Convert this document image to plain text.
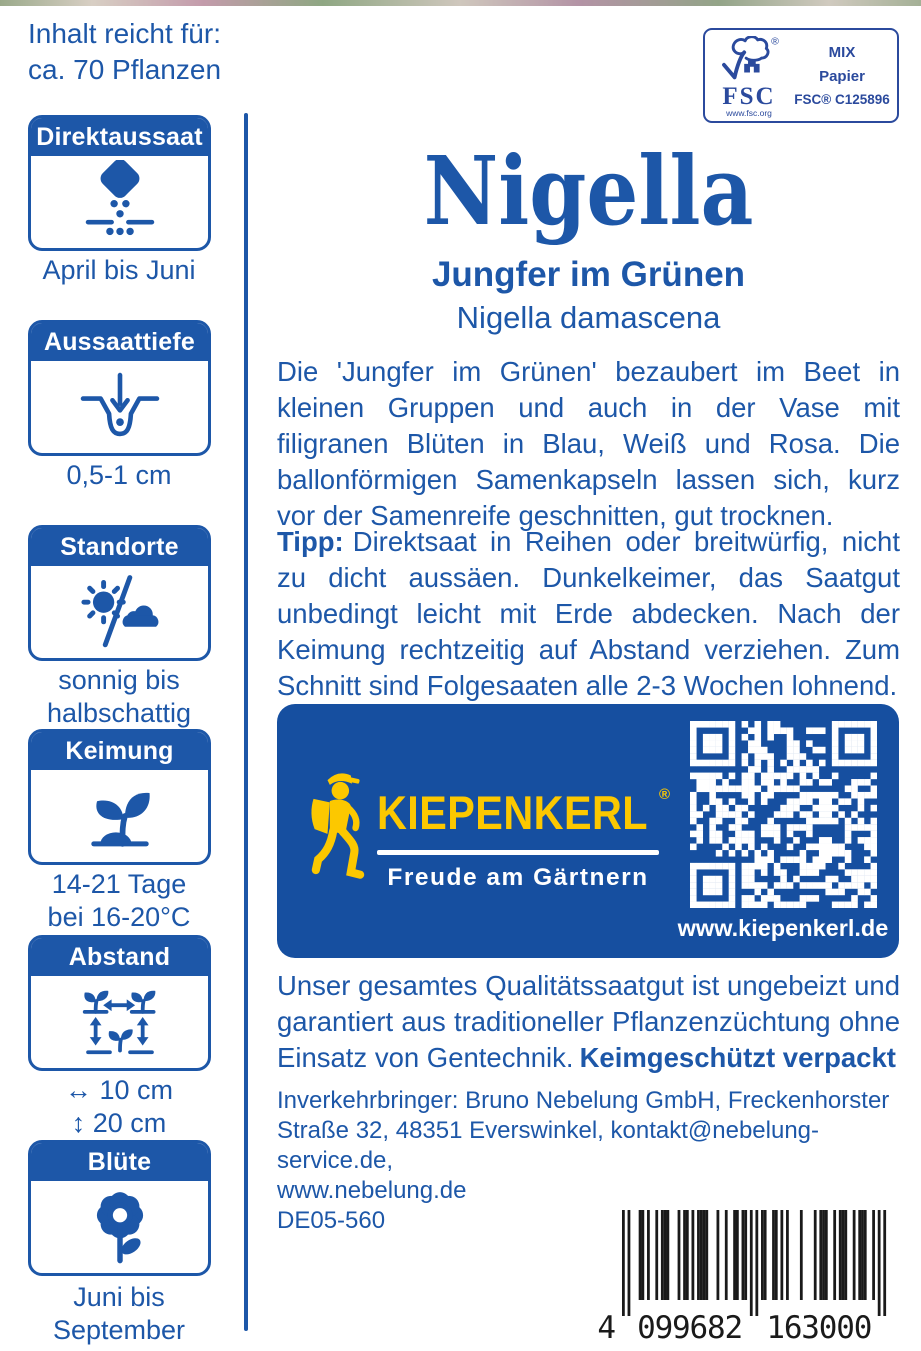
Inhalt reicht für:
ca. 70 Pflanzen
Direktaussaat
April bis Juni
Aussaattiefe
0,5-1 cm
Standorte
sonnig bis
halbschattig
Keimung
14-21 Tage
bei 16-20°C
Abstand
↔ 10 cm
↕ 20 cm
Blüte
Juni bis
September
®
FSC
www.fsc.org
MIX
Papier
FSC® C125896
Nigella
Jungfer im Grünen
Nigella damascena

Die 'Jungfer im Grünen' bezaubert im Beet in kleinen Gruppen und auch in der Vase mit filigranen Blüten in Blau, Weiß und Rosa. Die ballonförmigen Samenkapseln lassen sich, kurz vor der Samenreife geschnitten, gut trocknen.

Tipp: Direktsaat in Reihen oder breitwürfig, nicht zu dicht aussäen. Dunkelkeimer, das Saatgut unbedingt leicht mit Erde abdecken. Nach der Keimung rechtzeitig auf Abstand verziehen. Zum Schnitt sind Folgesaaten alle 2-3 Wochen lohnend.

KIEPENKERL ®
Freude am Gärtnern
www.kiepenkerl.de

Unser gesamtes Qualitätssaatgut ist ungebeizt und garantiert aus traditioneller Pflanzenzüchtung ohne Einsatz von Gentechnik. Keimgeschützt verpackt

Inverkehrbringer: Bruno Nebelung GmbH, Freckenhorster
Straße 32, 48351 Everswinkel, kontakt@nebelung-service.de,
www.nebelung.de
DE05-560
4 099682 163000
